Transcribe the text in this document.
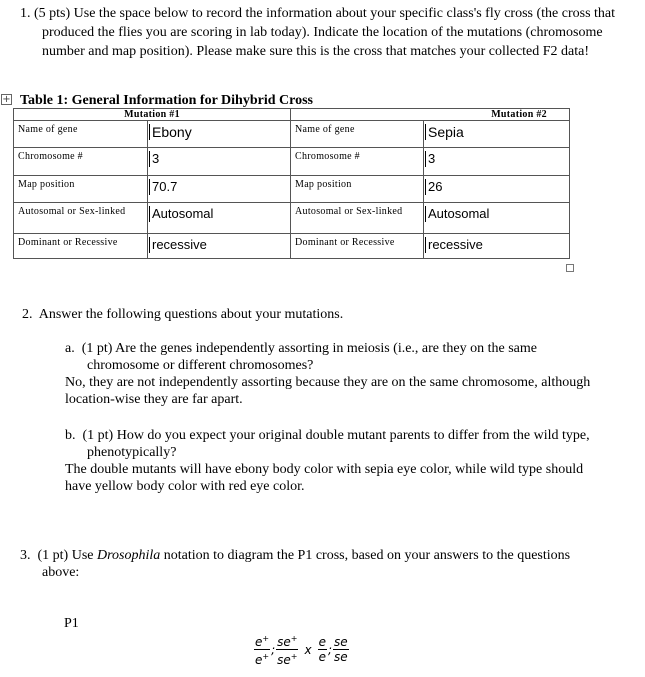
1. (5 pts) Use the space below to record the information about your specific class's fly cross (the cross that produced the flies you are scoring in lab today). Indicate the location of the mutations (chromosome number and map position). Please make sure this is the cross that matches your collected F2 data!
+ Table 1: General Information for Dihybrid Cross
Mutation #1		Mutation #2	
Name of gene	Ebony	Name of gene	Sepia
Chromosome #	3	Chromosome #	3
Map position	70.7	Map position	26
Autosomal or Sex-linked	Autosomal	Autosomal or Sex-linked	Autosomal
Dominant or Recessive	recessive	Dominant or Recessive	recessive
2. Answer the following questions about your mutations.
a. (1 pt) Are the genes independently assorting in meiosis (i.e., are they on the same chromosome or different chromosomes?
No, they are not independently assorting because they are on the same chromosome, although location-wise they are far apart.
b. (1 pt) How do you expect your original double mutant parents to differ from the wild type, phenotypically?
The double mutants will have ebony body color with sepia eye color, while wild type should have yellow body color with red eye color.
3. (1 pt) Use Drosophila notation to diagram the P1 cross, based on your answers to the questions above:
P1
$\frac{e^+}{e^+}$ ; $\frac{se^+}{se^+}$ x $\frac{e}{e}$ ; $\frac{se}{se}$
